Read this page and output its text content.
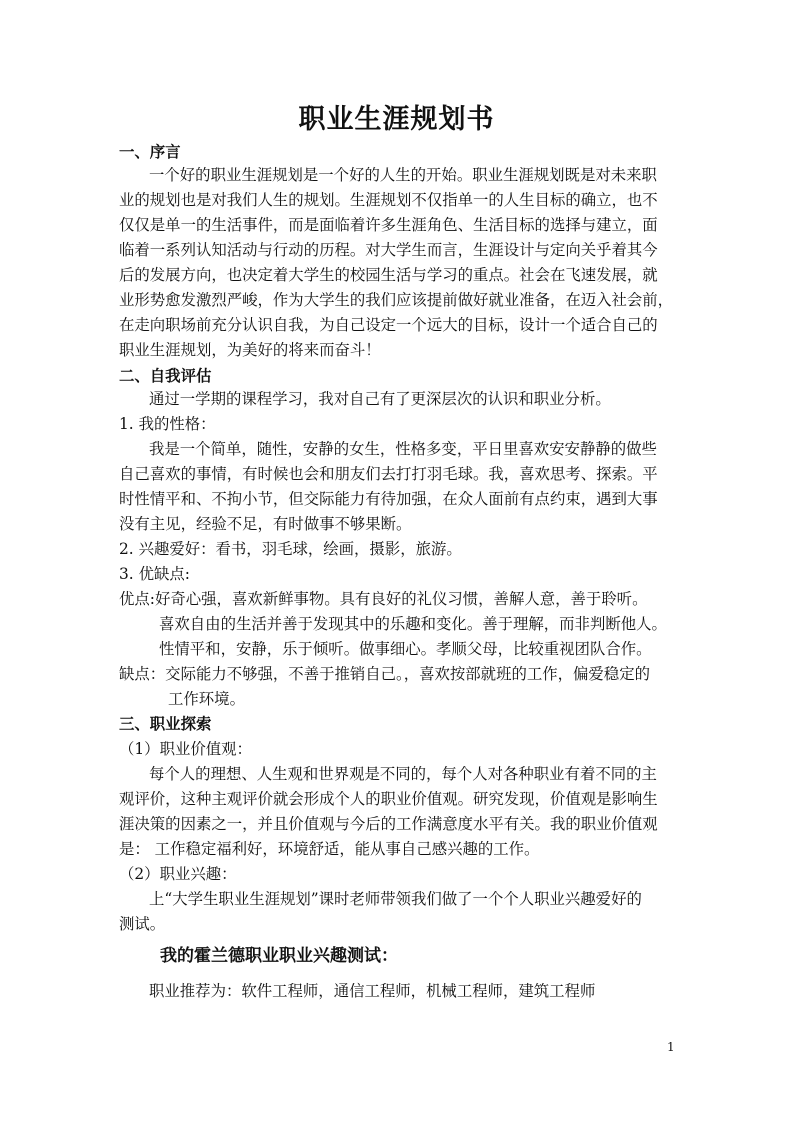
职业生涯规划书
一、序言
一个好的职业生涯规划是一个好的人生的开始。职业生涯规划既是对未来职
业的规划也是对我们人生的规划。生涯规划不仅指单一的人生目标的确立，也不
仅仅是单一的生活事件，而是面临着许多生涯角色、生活目标的选择与建立，面
临着一系列认知活动与行动的历程。对大学生而言，生涯设计与定向关乎着其今
后的发展方向，也决定着大学生的校园生活与学习的重点。社会在飞速发展，就
业形势愈发激烈严峻，作为大学生的我们应该提前做好就业准备，在迈入社会前，
在走向职场前充分认识自我，为自己设定一个远大的目标，设计一个适合自己的
职业生涯规划，为美好的将来而奋斗！
二、自我评估
通过一学期的课程学习，我对自己有了更深层次的认识和职业分析。
1. 我的性格：
我是一个简单，随性，安静的女生，性格多变，平日里喜欢安安静静的做些
自己喜欢的事情，有时候也会和朋友们去打打羽毛球。我，喜欢思考、探索。平
时性情平和、不拘小节，但交际能力有待加强，在众人面前有点约束，遇到大事
没有主见，经验不足，有时做事不够果断。
2. 兴趣爱好：看书，羽毛球，绘画，摄影，旅游。
3. 优缺点:
优点:好奇心强，喜欢新鲜事物。具有良好的礼仪习惯，善解人意，善于聆听。
喜欢自由的生活并善于发现其中的乐趣和变化。善于理解，而非判断他人。
性情平和，安静，乐于倾听。做事细心。孝顺父母，比较重视团队合作。
缺点：交际能力不够强，不善于推销自己。，喜欢按部就班的工作，偏爱稳定的
工作环境。
三、职业探索
（1）职业价值观：
每个人的理想、人生观和世界观是不同的，每个人对各种职业有着不同的主
观评价，这种主观评价就会形成个人的职业价值观。研究发现，价值观是影响生
涯决策的因素之一，并且价值观与今后的工作满意度水平有关。我的职业价值观
是： 工作稳定福利好，环境舒适，能从事自己感兴趣的工作。
（2）职业兴趣：
上“大学生职业生涯规划”课时老师带领我们做了一个个人职业兴趣爱好的
测试。
我的霍兰德职业职业兴趣测试：
职业推荐为：软件工程师，通信工程师，机械工程师，建筑工程师
1
